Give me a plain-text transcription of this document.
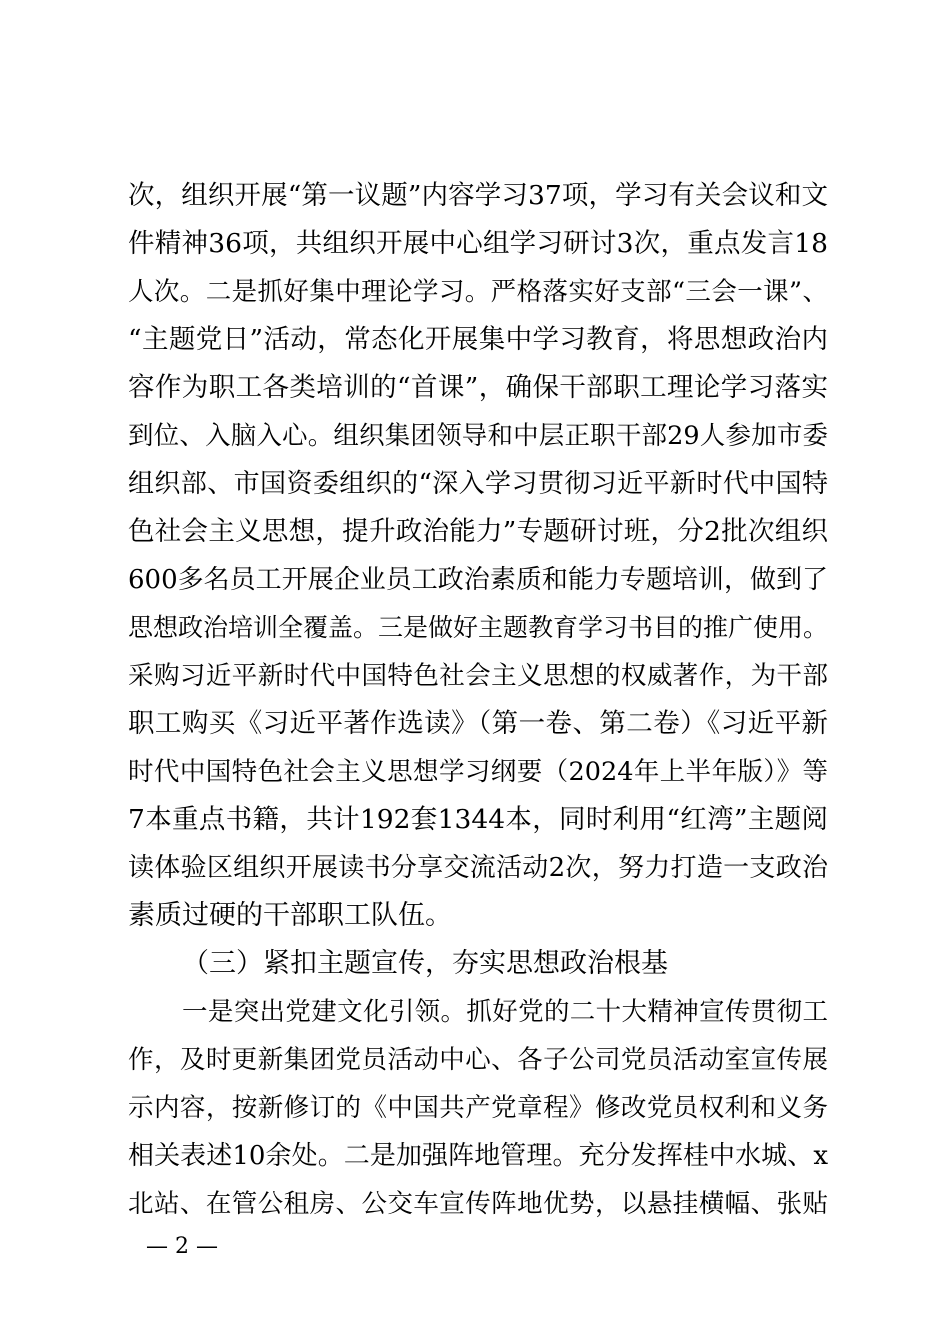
次，组织开展“第一议题”内容学习37项，学习有关会议和文
件精神36项，共组织开展中心组学习研讨3次，重点发言18
人次。二是抓好集中理论学习。严格落实好支部“三会一课”、
“主题党日”活动，常态化开展集中学习教育，将思想政治内
容作为职工各类培训的“首课”，确保干部职工理论学习落实
到位、入脑入心。组织集团领导和中层正职干部29人参加市委
组织部、市国资委组织的“深入学习贯彻习近平新时代中国特
色社会主义思想，提升政治能力”专题研讨班，分2批次组织
600多名员工开展企业员工政治素质和能力专题培训，做到了
思想政治培训全覆盖。三是做好主题教育学习书目的推广使用。
采购习近平新时代中国特色社会主义思想的权威著作，为干部
职工购买《习近平著作选读》（第一卷、第二卷）《习近平新
时代中国特色社会主义思想学习纲要（2024年上半年版）》等
7本重点书籍，共计192套1344本，同时利用“红湾”主题阅
读体验区组织开展读书分享交流活动2次，努力打造一支政治
素质过硬的干部职工队伍。
（三）紧扣主题宣传，夯实思想政治根基
一是突出党建文化引领。抓好党的二十大精神宣传贯彻工
作，及时更新集团党员活动中心、各子公司党员活动室宣传展
示内容，按新修订的《中国共产党章程》修改党员权利和义务
相关表述10余处。二是加强阵地管理。充分发挥桂中水城、x
北站、在管公租房、公交车宣传阵地优势，以悬挂横幅、张贴
— 2 —
